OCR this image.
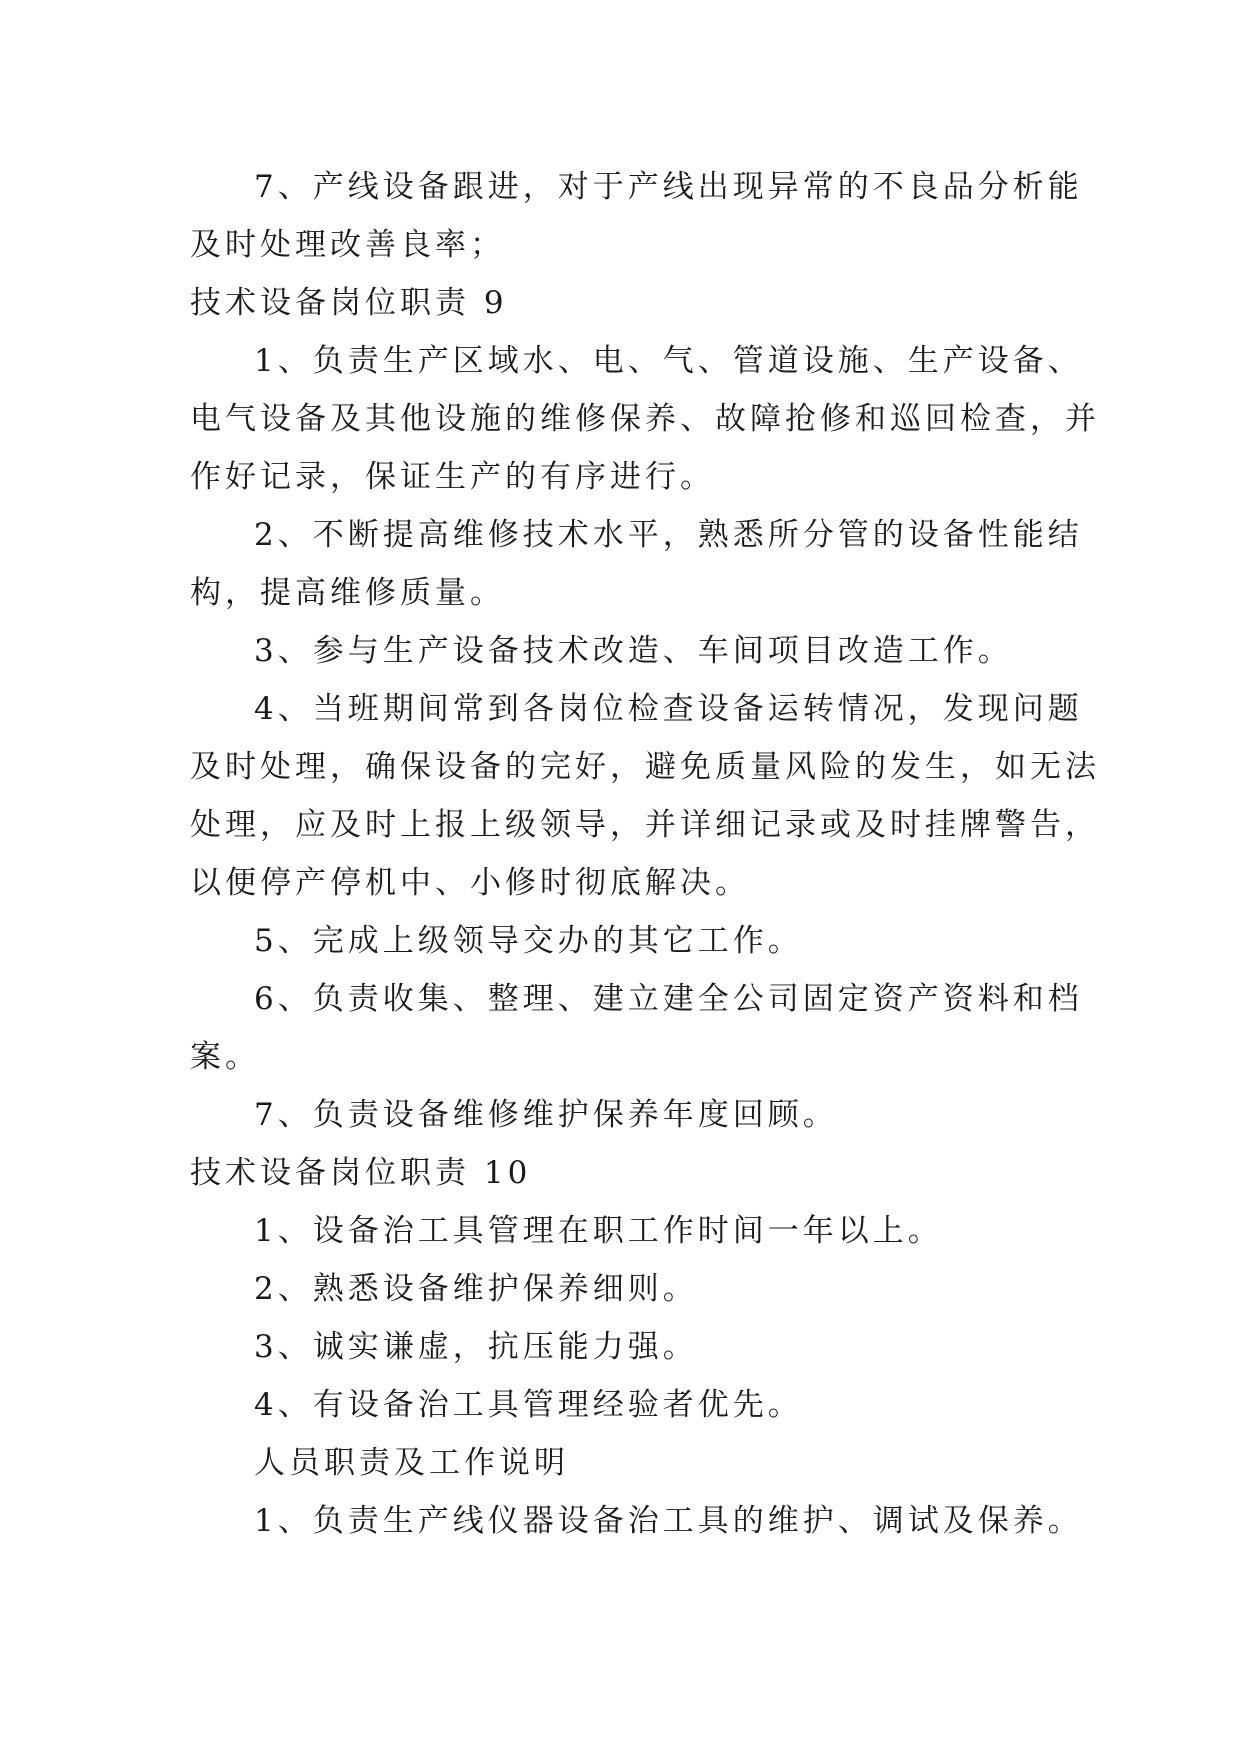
7、产线设备跟进，对于产线出现异常的不良品分析能

及时处理改善良率；

技术设备岗位职责 9

1、负责生产区域水、电、气、管道设施、生产设备、

电气设备及其他设施的维修保养、故障抢修和巡回检查，并

作好记录，保证生产的有序进行。

2、不断提高维修技术水平，熟悉所分管的设备性能结

构，提高维修质量。

3、参与生产设备技术改造、车间项目改造工作。

4、当班期间常到各岗位检查设备运转情况，发现问题

及时处理，确保设备的完好，避免质量风险的发生，如无法

处理，应及时上报上级领导，并详细记录或及时挂牌警告，

以便停产停机中、小修时彻底解决。

5、完成上级领导交办的其它工作。

6、负责收集、整理、建立建全公司固定资产资料和档

案。

7、负责设备维修维护保养年度回顾。

技术设备岗位职责 10

1、设备治工具管理在职工作时间一年以上。

2、熟悉设备维护保养细则。

3、诚实谦虚，抗压能力强。

4、有设备治工具管理经验者优先。

人员职责及工作说明

1、负责生产线仪器设备治工具的维护、调试及保养。
